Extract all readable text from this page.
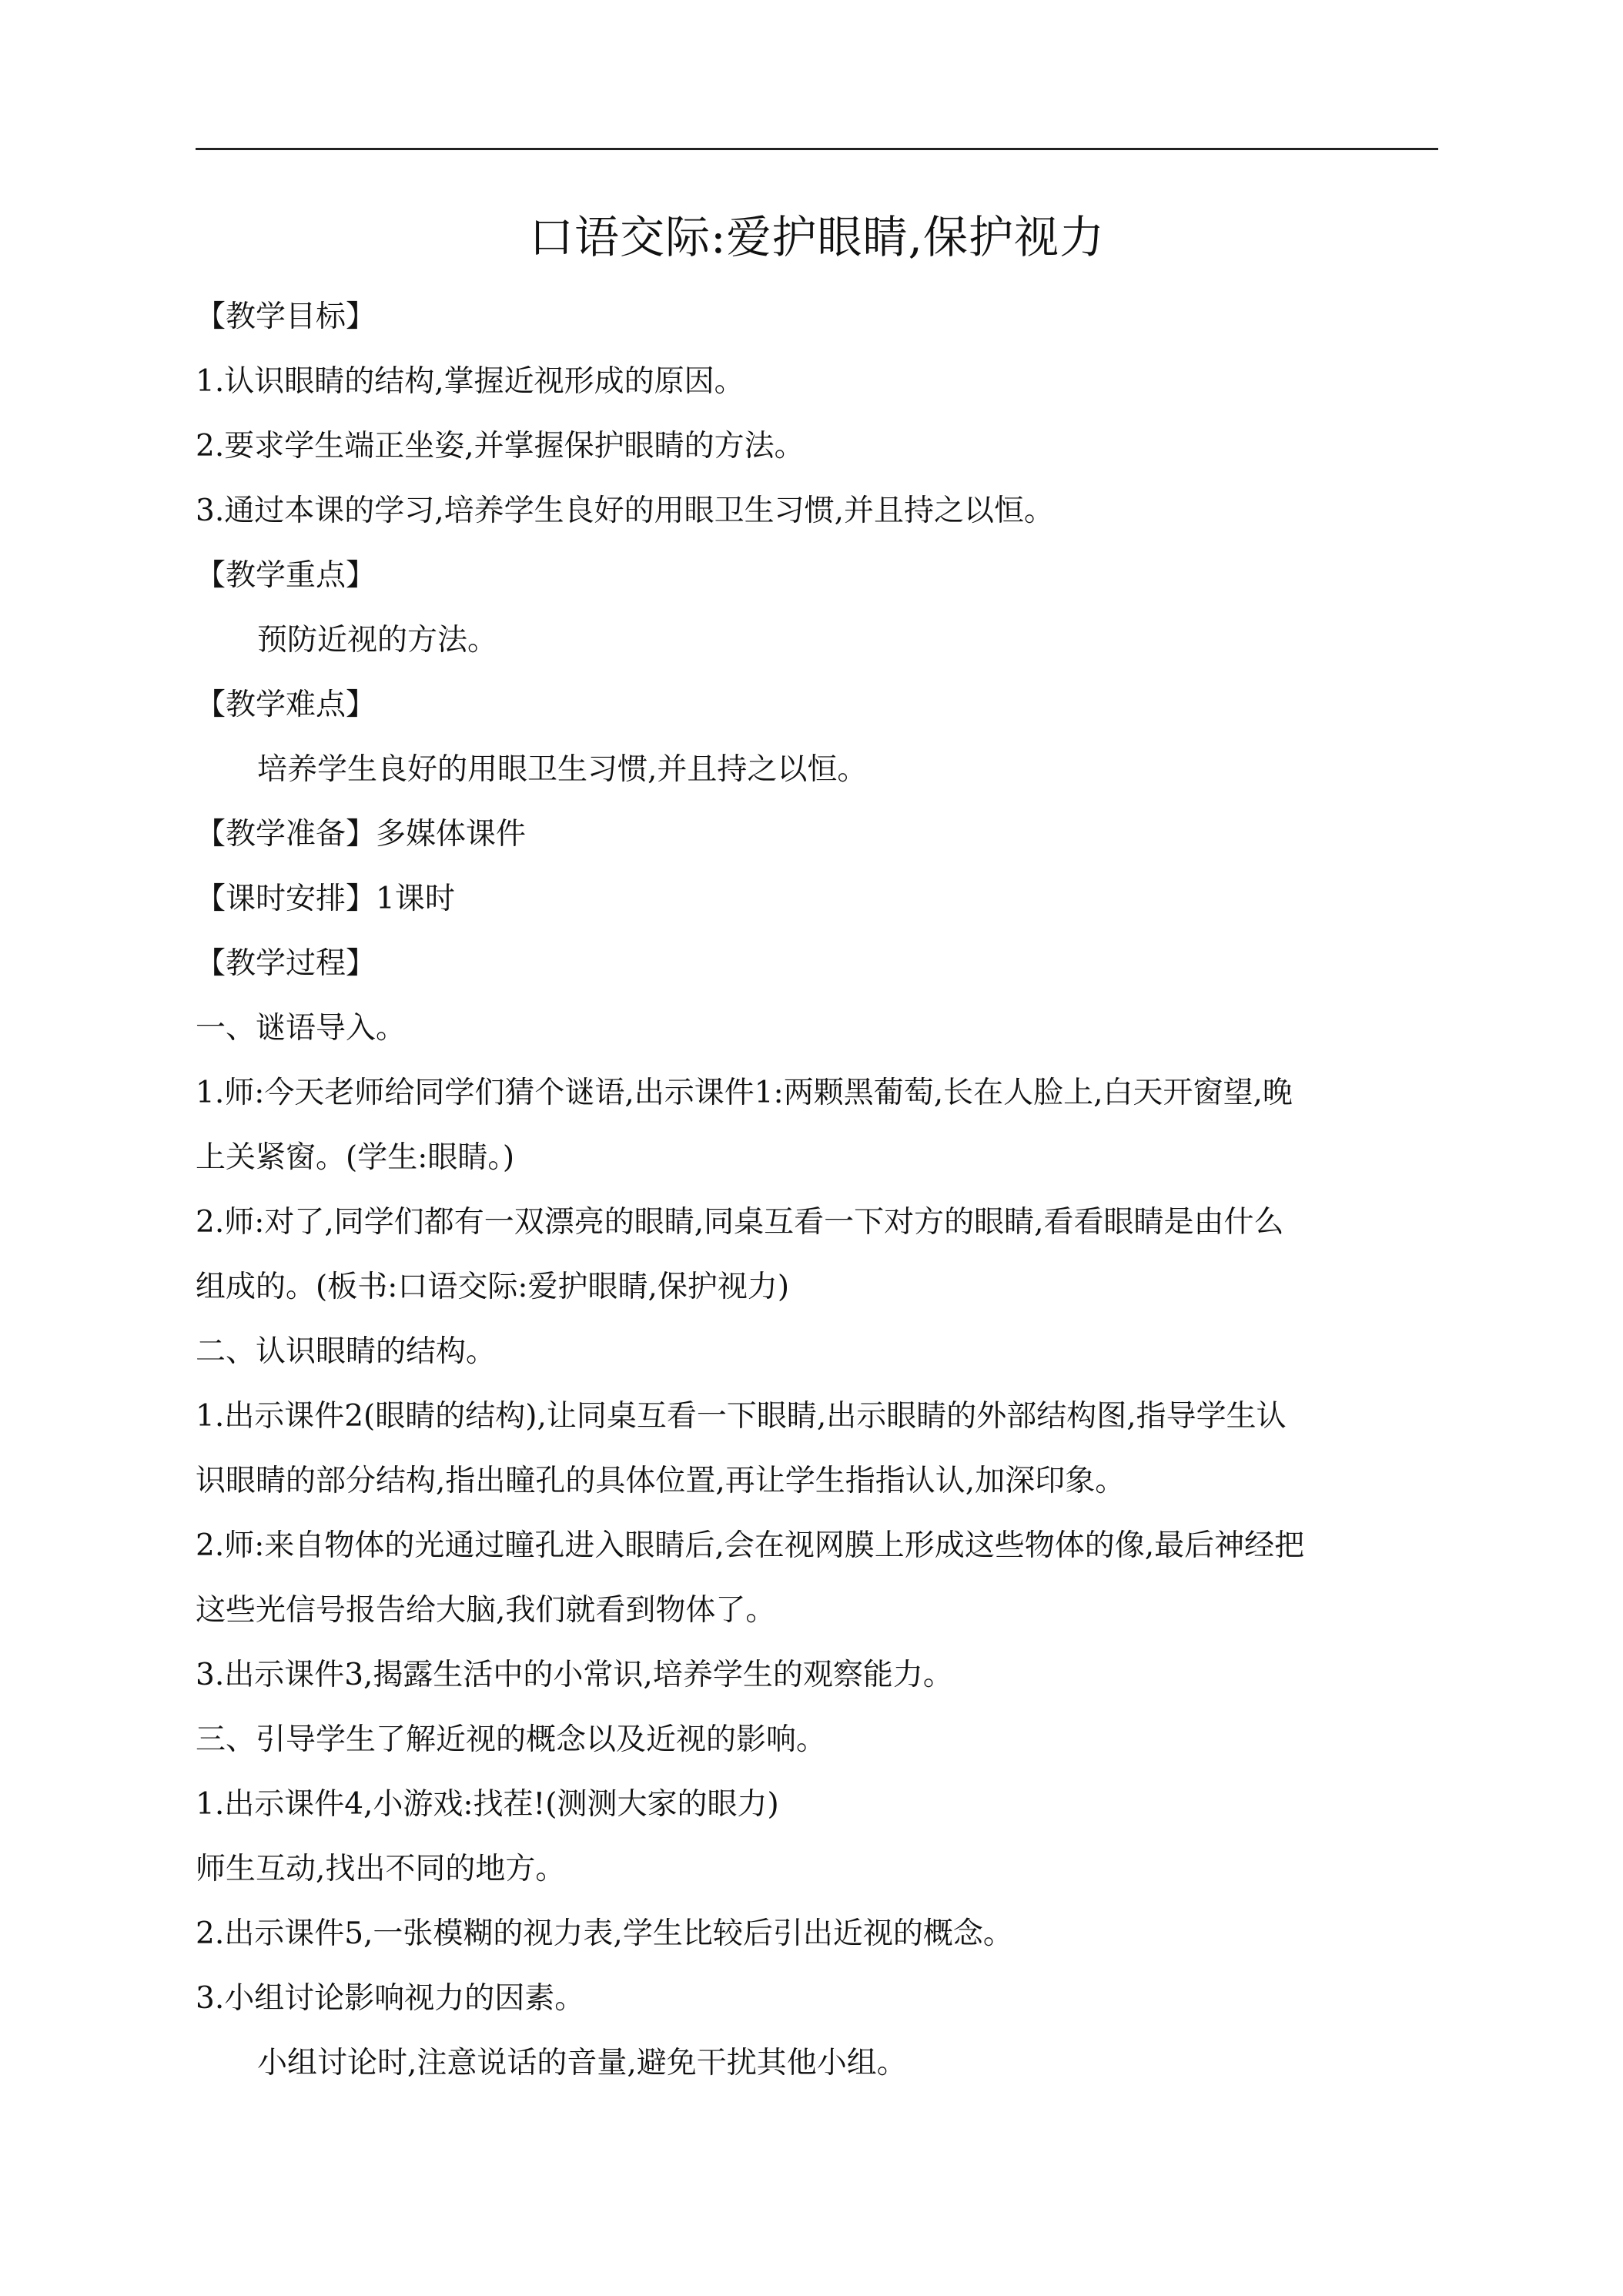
口语交际:爱护眼睛,保护视力

【教学目标】

1.认识眼睛的结构,掌握近视形成的原因。

2.要求学生端正坐姿,并掌握保护眼睛的方法。

3.通过本课的学习,培养学生良好的用眼卫生习惯,并且持之以恒。

【教学重点】

预防近视的方法。

【教学难点】

培养学生良好的用眼卫生习惯,并且持之以恒。

【教学准备】多媒体课件

【课时安排】1课时

【教学过程】

一、谜语导入。

1.师:今天老师给同学们猜个谜语,出示课件1:两颗黑葡萄,长在人脸上,白天开窗望,晚

上关紧窗。(学生:眼睛。)

2.师:对了,同学们都有一双漂亮的眼睛,同桌互看一下对方的眼睛,看看眼睛是由什么

组成的。(板书:口语交际:爱护眼睛,保护视力)

二、认识眼睛的结构。

1.出示课件2(眼睛的结构),让同桌互看一下眼睛,出示眼睛的外部结构图,指导学生认

识眼睛的部分结构,指出瞳孔的具体位置,再让学生指指认认,加深印象。

2.师:来自物体的光通过瞳孔进入眼睛后,会在视网膜上形成这些物体的像,最后神经把

这些光信号报告给大脑,我们就看到物体了。

3.出示课件3,揭露生活中的小常识,培养学生的观察能力。

三、引导学生了解近视的概念以及近视的影响。

1.出示课件4,小游戏:找茬!(测测大家的眼力)

师生互动,找出不同的地方。

2.出示课件5,一张模糊的视力表,学生比较后引出近视的概念。

3.小组讨论影响视力的因素。

小组讨论时,注意说话的音量,避免干扰其他小组。
